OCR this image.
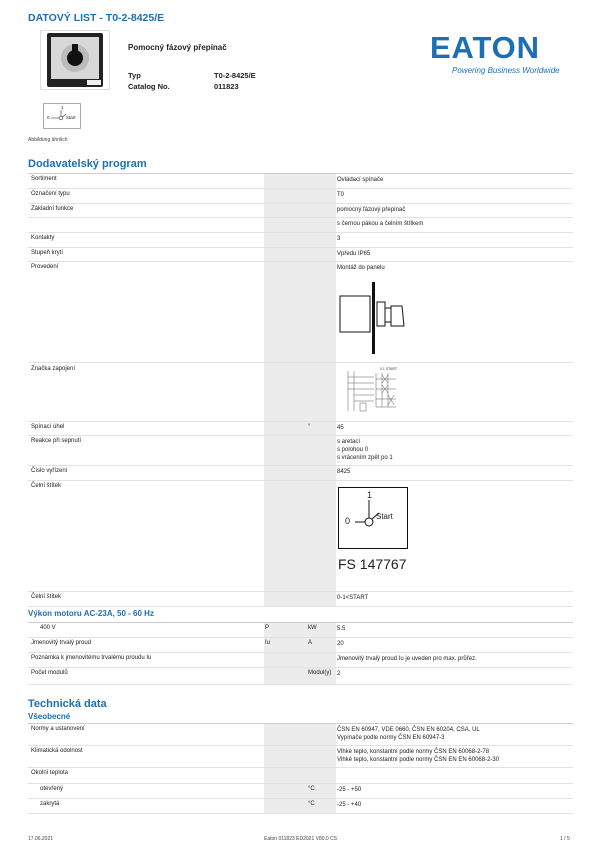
DATOVÝ LIST - T0-2-8425/E
Pomocný fázový přepínač
Typ	T0-2-8425/E
Catalog No.	011823
EATON
Powering Business Worldwide
1
0	Start
Abbildung ähnlich
Dodavatelský program
Sortiment	Ovládací spínače
Označení typu	T0
Základní funkce	pomocný fázový přepínač
s černou pákou a čelním štítkem
Kontakty	3
Stupeň krytí	Vpředu IP65
Provedení	Montáž do panelu
Značka zapojení	0 1 START
Spínací úhel	°	45
Reakce při sepnutí	s aretací
s polohou 0
s vrácením zpět po 1
Číslo vyřízení	8425
Čelní štítek
1
0	Start
FS 147767
Čelní štítek	0-1<START
Výkon motoru AC-23A, 50 - 60 Hz
400 V	P	kW	5.5
Jmenovitý trvalý proud	Iu	A	20
Poznámka k jmenovitému trvalému proudu Iu	Jmenovitý trvalý proud Iu je uveden pro max. průřez.
Počet modulů	Modul(y) 2
Technická data
Všeobecné
Normy a ustanovení	ČSN EN 60947, VDE 0660, ČSN EN 60204, CSA, UL
Vypínače podle normy ČSN EN 60947-3
Klimatická odolnost	Vlhké teplo, konstantní podle normy ČSN EN 60068-2-78
Vlhké teplo, konstantní podle normy ČSN EN EN 60068-2-30
Okolní teplota
otevřený	°C	-25 - +50
zakrytá	°C	-25 - +40
17.06.2021	Eaton 011823 ED2021 V80.0 CS	1 / 5
